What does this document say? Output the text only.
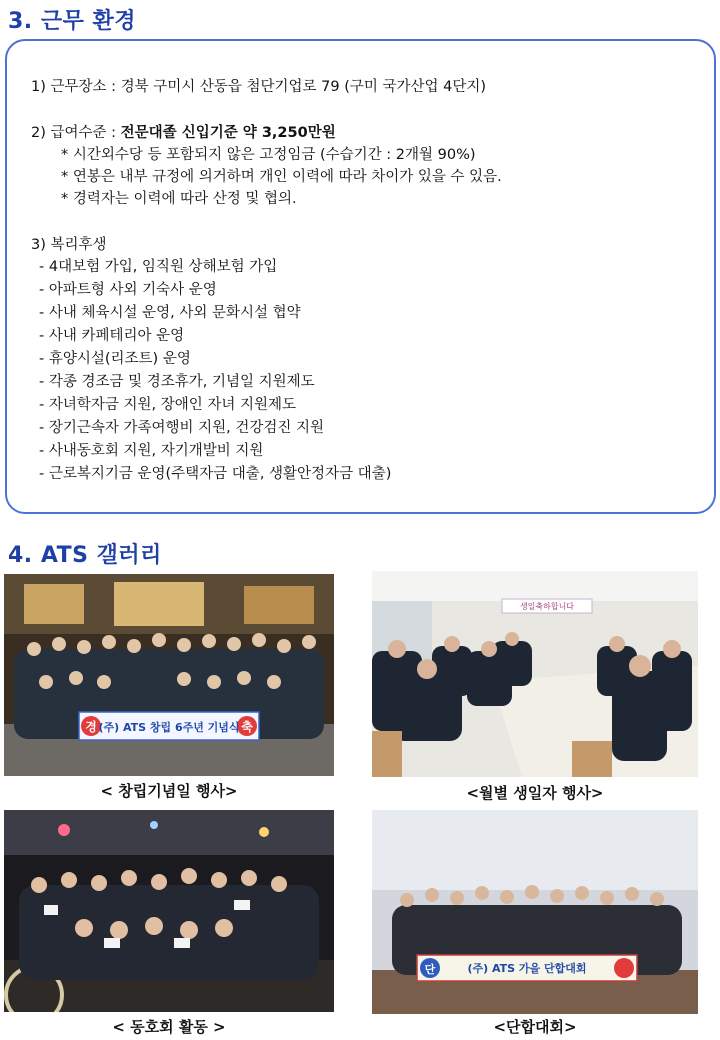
3. 근무 환경
1) 근무장소 : 경북 구미시 산동읍 첨단기업로 79 (구미 국가산업 4단지)
2) 급여수준 : 전문대졸 신입기준 약 3,250만원
* 시간외수당 등 포함되지 않은 고정임금 (수습기간 : 2개월 90%)
* 연봉은 내부 규정에 의거하며 개인 이력에 따라 차이가 있을 수 있음.
* 경력자는 이력에 따라 산정 및 협의.
3) 복리후생
- 4대보험 가입, 임직원 상해보험 가입
- 아파트형 사외 기숙사 운영
- 사내 체육시설 운영, 사외 문화시설 협약
- 사내 카페테리아 운영
- 휴양시설(리조트) 운영
- 각종 경조금 및 경조휴가, 기념일 지원제도
- 자녀학자금 지원, 장애인 자녀 지원제도
- 장기근속자 가족여행비 지원, 건강검진 지원
- 사내동호회 지원, 자기개발비 지원
- 근로복지기금 운영(주택자금 대출, 생활안정자금 대출)
4. ATS 갤러리
경	축
(주) ATS 창립 6주년 기념식
< 창립기념일 행사>
생일축하합니다
<월별 생일자 행사>
< 동호회 활동 >
단	(주) ATS 가을 단합대회
<단합대회>
